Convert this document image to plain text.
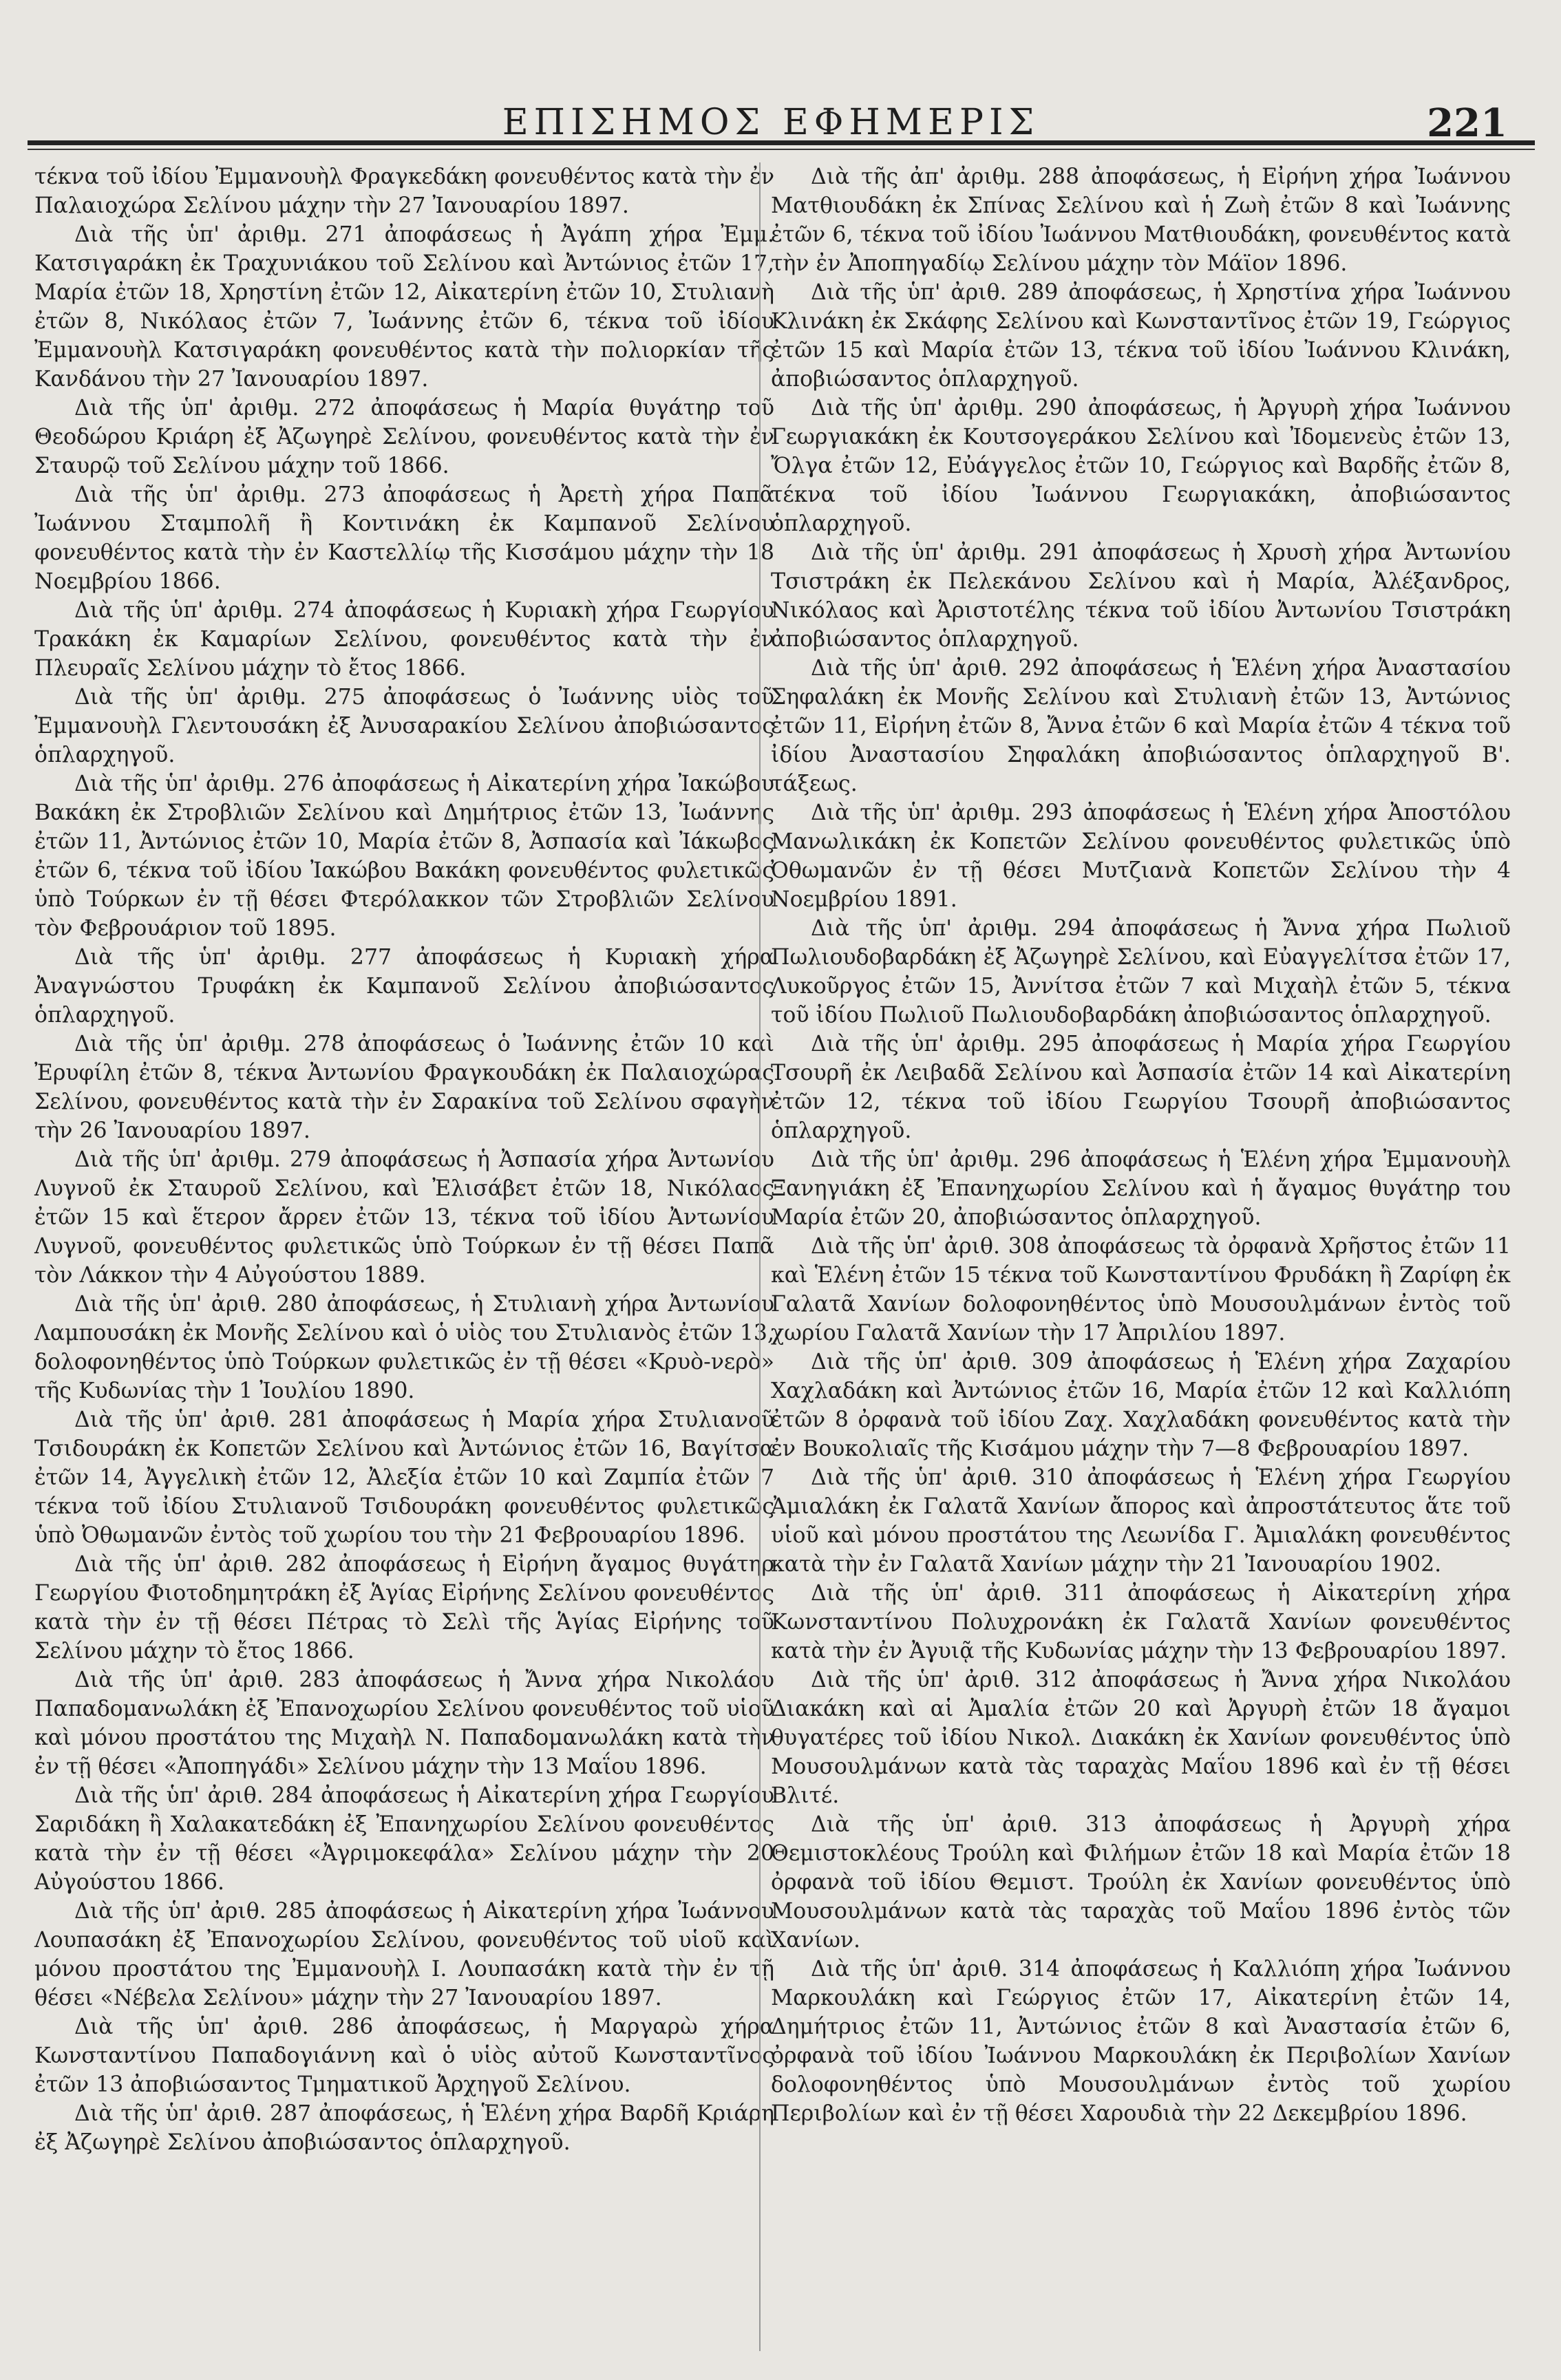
ΕΠΙΣΗΜΟΣ ΕΦΗΜΕΡΙΣ	221

τέκνα τοῦ ἰδίου Ἐμμανουὴλ Φραγκεδάκη φονευθέντος κατὰ τὴν ἐν Παλαιοχώρα Σελίνου μάχην τὴν 27 Ἰανουαρίου 1897.

Διὰ τῆς ὑπ' ἀριθμ. 271 ἀποφάσεως ἡ Ἀγάπη χήρα Ἐμμ. Κατσιγαράκη ἐκ Τραχυνιάκου τοῦ Σελίνου καὶ Ἀντώνιος ἐτῶν 17, Μαρία ἐτῶν 18, Χρηστίνη ἐτῶν 12, Αἰκατερίνη ἐτῶν 10, Στυλιανὴ ἐτῶν 8, Νικόλαος ἐτῶν 7, Ἰωάννης ἐτῶν 6, τέκνα τοῦ ἰδίου Ἐμμανουὴλ Κατσιγαράκη φονευθέντος κατὰ τὴν πολιορκίαν τῆς Κανδάνου τὴν 27 Ἰανουαρίου 1897.

Διὰ τῆς ὑπ' ἀριθμ. 272 ἀποφάσεως ἡ Μαρία θυγάτηρ τοῦ Θεοδώρου Κριάρη ἐξ Ἀζωγηρὲ Σελίνου, φονευθέντος κατὰ τὴν ἐν Σταυρῷ τοῦ Σελίνου μάχην τοῦ 1866.

Διὰ τῆς ὑπ' ἀριθμ. 273 ἀποφάσεως ἡ Ἀρετὴ χήρα Παπᾶ Ἰωάννου Σταμπολῆ ἢ Κοντινάκη ἐκ Καμπανοῦ Σελίνου φονευθέντος κατὰ τὴν ἐν Καστελλίῳ τῆς Κισσάμου μάχην τὴν 18 Νοεμβρίου 1866.

Διὰ τῆς ὑπ' ἀριθμ. 274 ἀποφάσεως ἡ Κυριακὴ χήρα Γεωργίου Τρακάκη ἐκ Καμαρίων Σελίνου, φονευθέντος κατὰ τὴν ἐν Πλευραῖς Σελίνου μάχην τὸ ἔτος 1866.

Διὰ τῆς ὑπ' ἀριθμ. 275 ἀποφάσεως ὁ Ἰωάννης υἱὸς τοῦ Ἐμμανουὴλ Γλεντουσάκη ἐξ Ἀνυσαρακίου Σελίνου ἀποβιώσαντος ὁπλαρχηγοῦ.

Διὰ τῆς ὑπ' ἀριθμ. 276 ἀποφάσεως ἡ Αἰκατερίνη χήρα Ἰακώβου Βακάκη ἐκ Στροβλιῶν Σελίνου καὶ Δημήτριος ἐτῶν 13, Ἰωάννης ἐτῶν 11, Ἀντώνιος ἐτῶν 10, Μαρία ἐτῶν 8, Ἀσπασία καὶ Ἰάκωβος ἐτῶν 6, τέκνα τοῦ ἰδίου Ἰακώβου Βακάκη φονευθέντος φυλετικῶς ὑπὸ Τούρκων ἐν τῇ θέσει Φτερόλακκον τῶν Στροβλιῶν Σελίνου τὸν Φεβρουάριον τοῦ 1895.

Διὰ τῆς ὑπ' ἀριθμ. 277 ἀποφάσεως ἡ Κυριακὴ χήρα Ἀναγνώστου Τρυφάκη ἐκ Καμπανοῦ Σελίνου ἀποβιώσαντος ὁπλαρχηγοῦ.

Διὰ τῆς ὑπ' ἀριθμ. 278 ἀποφάσεως ὁ Ἰωάννης ἐτῶν 10 καὶ Ἐρυφίλη ἐτῶν 8, τέκνα Ἀντωνίου Φραγκουδάκη ἐκ Παλαιοχώρας Σελίνου, φονευθέντος κατὰ τὴν ἐν Σαρακίνα τοῦ Σελίνου σφαγὴν τὴν 26 Ἰανουαρίου 1897.

Διὰ τῆς ὑπ' ἀριθμ. 279 ἀποφάσεως ἡ Ἀσπασία χήρα Ἀντωνίου Λυγνοῦ ἐκ Σταυροῦ Σελίνου, καὶ Ἐλισάβετ ἐτῶν 18, Νικόλαος ἐτῶν 15 καὶ ἕτερον ἄρρεν ἐτῶν 13, τέκνα τοῦ ἰδίου Ἀντωνίου Λυγνοῦ, φονευθέντος φυλετικῶς ὑπὸ Τούρκων ἐν τῇ θέσει Παπᾶ τὸν Λάκκον τὴν 4 Αὐγούστου 1889.

Διὰ τῆς ὑπ' ἀριθ. 280 ἀποφάσεως, ἡ Στυλιανὴ χήρα Ἀντωνίου Λαμπουσάκη ἐκ Μονῆς Σελίνου καὶ ὁ υἱὸς του Στυλιανὸς ἐτῶν 13, δολοφονηθέντος ὑπὸ Τούρκων φυλετικῶς ἐν τῇ θέσει «Κρυὸ-νερὸ» τῆς Κυδωνίας τὴν 1 Ἰουλίου 1890.

Διὰ τῆς ὑπ' ἀριθ. 281 ἀποφάσεως ἡ Μαρία χήρα Στυλιανοῦ Τσιδουράκη ἐκ Κοπετῶν Σελίνου καὶ Ἀντώνιος ἐτῶν 16, Βαγίτσα ἐτῶν 14, Ἀγγελικὴ ἐτῶν 12, Ἀλεξία ἐτῶν 10 καὶ Ζαμπία ἐτῶν 7 τέκνα τοῦ ἰδίου Στυλιανοῦ Τσιδουράκη φονευθέντος φυλετικῶς ὑπὸ Ὀθωμανῶν ἐντὸς τοῦ χωρίου του τὴν 21 Φεβρουαρίου 1896.

Διὰ τῆς ὑπ' ἀριθ. 282 ἀποφάσεως ἡ Εἰρήνη ἄγαμος θυγάτηρ Γεωργίου Φιοτοδημητράκη ἐξ Ἁγίας Εἰρήνης Σελίνου φονευθέντος κατὰ τὴν ἐν τῇ θέσει Πέτρας τὸ Σελὶ τῆς Ἁγίας Εἰρήνης τοῦ Σελίνου μάχην τὸ ἔτος 1866.

Διὰ τῆς ὑπ' ἀριθ. 283 ἀποφάσεως ἡ Ἄννα χήρα Νικολάου Παπαδομανωλάκη ἐξ Ἐπανοχωρίου Σελίνου φονευθέντος τοῦ υἱοῦ καὶ μόνου προστάτου της Μιχαὴλ Ν. Παπαδομανωλάκη κατὰ τὴν ἐν τῇ θέσει «Ἀποπηγάδι» Σελίνου μάχην τὴν 13 Μαΐου 1896.

Διὰ τῆς ὑπ' ἀριθ. 284 ἀποφάσεως ἡ Αἰκατερίνη χήρα Γεωργίου Σαριδάκη ἢ Χαλακατεδάκη ἐξ Ἐπανηχωρίου Σελίνου φονευθέντος κατὰ τὴν ἐν τῇ θέσει «Ἀγριμοκεφάλα» Σελίνου μάχην τὴν 20 Αὐγούστου 1866.

Διὰ τῆς ὑπ' ἀριθ. 285 ἀποφάσεως ἡ Αἰκατερίνη χήρα Ἰωάννου Λουπασάκη ἐξ Ἐπανοχωρίου Σελίνου, φονευθέντος τοῦ υἱοῦ καὶ μόνου προστάτου της Ἐμμανουὴλ Ι. Λουπασάκη κατὰ τὴν ἐν τῇ θέσει «Νέβελα Σελίνου» μάχην τὴν 27 Ἰανουαρίου 1897.

Διὰ τῆς ὑπ' ἀριθ. 286 ἀποφάσεως, ἡ Μαργαρὼ χήρα Κωνσταντίνου Παπαδογιάννη καὶ ὁ υἱὸς αὐτοῦ Κωνσταντῖνος ἐτῶν 13 ἀποβιώσαντος Τμηματικοῦ Ἀρχηγοῦ Σελίνου.

Διὰ τῆς ὑπ' ἀριθ. 287 ἀποφάσεως, ἡ Ἑλένη χήρα Βαρδῆ Κριάρη ἐξ Ἀζωγηρὲ Σελίνου ἀποβιώσαντος ὁπλαρχηγοῦ.

Διὰ τῆς ἀπ' ἀριθμ. 288 ἀποφάσεως, ἡ Εἰρήνη χήρα Ἰωάννου Ματθιουδάκη ἐκ Σπίνας Σελίνου καὶ ἡ Ζωὴ ἐτῶν 8 καὶ Ἰωάννης ἐτῶν 6, τέκνα τοῦ ἰδίου Ἰωάννου Ματθιουδάκη, φονευθέντος κατὰ τὴν ἐν Ἀποπηγαδίῳ Σελίνου μάχην τὸν Μάϊον 1896.

Διὰ τῆς ὑπ' ἀριθ. 289 ἀποφάσεως, ἡ Χρηστίνα χήρα Ἰωάννου Κλινάκη ἐκ Σκάφης Σελίνου καὶ Κωνσταντῖνος ἐτῶν 19, Γεώργιος ἐτῶν 15 καὶ Μαρία ἐτῶν 13, τέκνα τοῦ ἰδίου Ἰωάννου Κλινάκη, ἀποβιώσαντος ὁπλαρχηγοῦ.

Διὰ τῆς ὑπ' ἀριθμ. 290 ἀποφάσεως, ἡ Ἀργυρὴ χήρα Ἰωάννου Γεωργιακάκη ἐκ Κουτσογεράκου Σελίνου καὶ Ἰδομενεὺς ἐτῶν 13, Ὄλγα ἐτῶν 12, Εὐάγγελος ἐτῶν 10, Γεώργιος καὶ Βαρδῆς ἐτῶν 8, τέκνα τοῦ ἰδίου Ἰωάννου Γεωργιακάκη, ἀποβιώσαντος ὁπλαρχηγοῦ.

Διὰ τῆς ὑπ' ἀριθμ. 291 ἀποφάσεως ἡ Χρυσὴ χήρα Ἀντωνίου Τσιστράκη ἐκ Πελεκάνου Σελίνου καὶ ἡ Μαρία, Ἀλέξανδρος, Νικόλαος καὶ Ἀριστοτέλης τέκνα τοῦ ἰδίου Ἀντωνίου Τσιστράκη ἀποβιώσαντος ὁπλαρχηγοῦ.

Διὰ τῆς ὑπ' ἀριθ. 292 ἀποφάσεως ἡ Ἑλένη χήρα Ἀναστασίου Σηφαλάκη ἐκ Μονῆς Σελίνου καὶ Στυλιανὴ ἐτῶν 13, Ἀντώνιος ἐτῶν 11, Εἰρήνη ἐτῶν 8, Ἄννα ἐτῶν 6 καὶ Μαρία ἐτῶν 4 τέκνα τοῦ ἰδίου Ἀναστασίου Σηφαλάκη ἀποβιώσαντος ὁπλαρχηγοῦ Β'. τάξεως.

Διὰ τῆς ὑπ' ἀριθμ. 293 ἀποφάσεως ἡ Ἑλένη χήρα Ἀποστόλου Μανωλικάκη ἐκ Κοπετῶν Σελίνου φονευθέντος φυλετικῶς ὑπὸ Ὀθωμανῶν ἐν τῇ θέσει Μυτζιανὰ Κοπετῶν Σελίνου τὴν 4 Νοεμβρίου 1891.

Διὰ τῆς ὑπ' ἀριθμ. 294 ἀποφάσεως ἡ Ἄννα χήρα Πωλιοῦ Πωλιουδοβαρδάκη ἐξ Ἀζωγηρὲ Σελίνου, καὶ Εὐαγγελίτσα ἐτῶν 17, Λυκοῦργος ἐτῶν 15, Ἀννίτσα ἐτῶν 7 καὶ Μιχαὴλ ἐτῶν 5, τέκνα τοῦ ἰδίου Πωλιοῦ Πωλιουδοβαρδάκη ἀποβιώσαντος ὁπλαρχηγοῦ.

Διὰ τῆς ὑπ' ἀριθμ. 295 ἀποφάσεως ἡ Μαρία χήρα Γεωργίου Τσουρῆ ἐκ Λειβαδᾶ Σελίνου καὶ Ἀσπασία ἐτῶν 14 καὶ Αἰκατερίνη ἐτῶν 12, τέκνα τοῦ ἰδίου Γεωργίου Τσουρῆ ἀποβιώσαντος ὁπλαρχηγοῦ.

Διὰ τῆς ὑπ' ἀριθμ. 296 ἀποφάσεως ἡ Ἑλένη χήρα Ἐμμανουὴλ Ξανηγιάκη ἐξ Ἐπανηχωρίου Σελίνου καὶ ἡ ἄγαμος θυγάτηρ του Μαρία ἐτῶν 20, ἀποβιώσαντος ὁπλαρχηγοῦ.

Διὰ τῆς ὑπ' ἀριθ. 308 ἀποφάσεως τὰ ὀρφανὰ Χρῆστος ἐτῶν 11 καὶ Ἑλένη ἐτῶν 15 τέκνα τοῦ Κωνσταντίνου Φρυδάκη ἢ Ζαρίφη ἐκ Γαλατᾶ Χανίων δολοφονηθέντος ὑπὸ Μουσουλμάνων ἐντὸς τοῦ χωρίου Γαλατᾶ Χανίων τὴν 17 Ἀπριλίου 1897.

Διὰ τῆς ὑπ' ἀριθ. 309 ἀποφάσεως ἡ Ἑλένη χήρα Ζαχαρίου Χαχλαδάκη καὶ Ἀντώνιος ἐτῶν 16, Μαρία ἐτῶν 12 καὶ Καλλιόπη ἐτῶν 8 ὀρφανὰ τοῦ ἰδίου Ζαχ. Χαχλαδάκη φονευθέντος κατὰ τὴν ἐν Βουκολιαῖς τῆς Κισάμου μάχην τὴν 7—8 Φεβρουαρίου 1897.

Διὰ τῆς ὑπ' ἀριθ. 310 ἀποφάσεως ἡ Ἑλένη χήρα Γεωργίου Ἀμιαλάκη ἐκ Γαλατᾶ Χανίων ἄπορος καὶ ἀπροστάτευτος ἅτε τοῦ υἱοῦ καὶ μόνου προστάτου της Λεωνίδα Γ. Ἀμιαλάκη φονευθέντος κατὰ τὴν ἐν Γαλατᾶ Χανίων μάχην τὴν 21 Ἰανουαρίου 1902.

Διὰ τῆς ὑπ' ἀριθ. 311 ἀποφάσεως ἡ Αἰκατερίνη χήρα Κωνσταντίνου Πολυχρονάκη ἐκ Γαλατᾶ Χανίων φονευθέντος κατὰ τὴν ἐν Ἀγυιᾷ τῆς Κυδωνίας μάχην τὴν 13 Φεβρουαρίου 1897.

Διὰ τῆς ὑπ' ἀριθ. 312 ἀποφάσεως ἡ Ἄννα χήρα Νικολάου Διακάκη καὶ αἱ Ἀμαλία ἐτῶν 20 καὶ Ἀργυρὴ ἐτῶν 18 ἄγαμοι θυγατέρες τοῦ ἰδίου Νικολ. Διακάκη ἐκ Χανίων φονευθέντος ὑπὸ Μουσουλμάνων κατὰ τὰς ταραχὰς Μαΐου 1896 καὶ ἐν τῇ θέσει Βλιτέ.

Διὰ τῆς ὑπ' ἀριθ. 313 ἀποφάσεως ἡ Ἀργυρὴ χήρα Θεμιστοκλέους Τρούλη καὶ Φιλήμων ἐτῶν 18 καὶ Μαρία ἐτῶν 18 ὀρφανὰ τοῦ ἰδίου Θεμιστ. Τρούλη ἐκ Χανίων φονευθέντος ὑπὸ Μουσουλμάνων κατὰ τὰς ταραχὰς τοῦ Μαΐου 1896 ἐντὸς τῶν Χανίων.

Διὰ τῆς ὑπ' ἀριθ. 314 ἀποφάσεως ἡ Καλλιόπη χήρα Ἰωάννου Μαρκουλάκη καὶ Γεώργιος ἐτῶν 17, Αἰκατερίνη ἐτῶν 14, Δημήτριος ἐτῶν 11, Ἀντώνιος ἐτῶν 8 καὶ Ἀναστασία ἐτῶν 6, ὀρφανὰ τοῦ ἰδίου Ἰωάννου Μαρκουλάκη ἐκ Περιβολίων Χανίων δολοφονηθέντος ὑπὸ Μουσουλμάνων ἐντὸς τοῦ χωρίου Περιβολίων καὶ ἐν τῇ θέσει Χαρουδιὰ τὴν 22 Δεκεμβρίου 1896.
